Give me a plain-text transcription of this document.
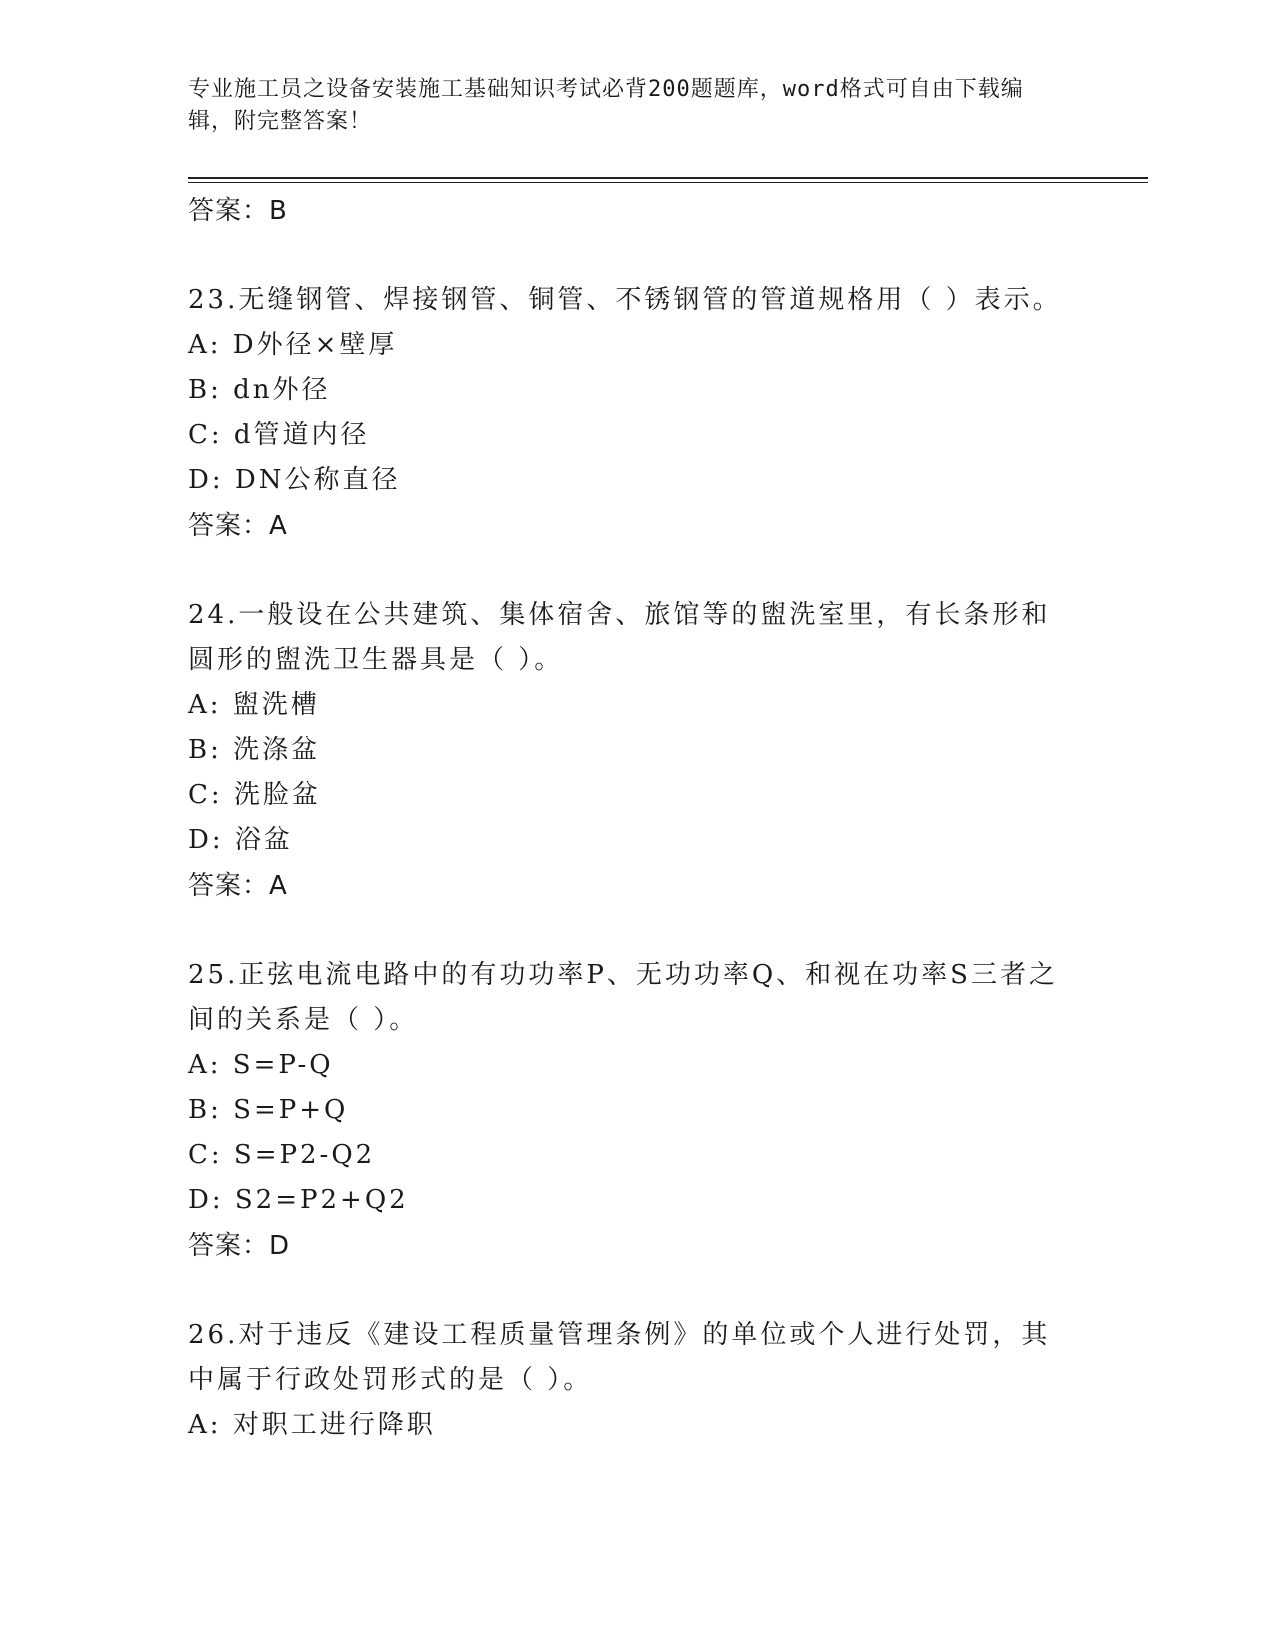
专业施工员之设备安装施工基础知识考试必背200题题库，word格式可自由下载编辑，附完整答案！
答案：B
23.无缝钢管、焊接钢管、铜管、不锈钢管的管道规格用（ ）表示。
A: D外径×壁厚
B: dn外径
C: d管道内径
D: DN公称直径
答案：A
24.一般设在公共建筑、集体宿舍、旅馆等的盥洗室里，有长条形和圆形的盥洗卫生器具是（ ）。
A: 盥洗槽
B: 洗涤盆
C: 洗脸盆
D: 浴盆
答案：A
25.正弦电流电路中的有功功率P、无功功率Q、和视在功率S三者之间的关系是（ ）。
A: S=P-Q
B: S=P+Q
C: S=P2-Q2
D: S2=P2+Q2
答案：D
26.对于违反《建设工程质量管理条例》的单位或个人进行处罚，其中属于行政处罚形式的是（ ）。
A: 对职工进行降职
